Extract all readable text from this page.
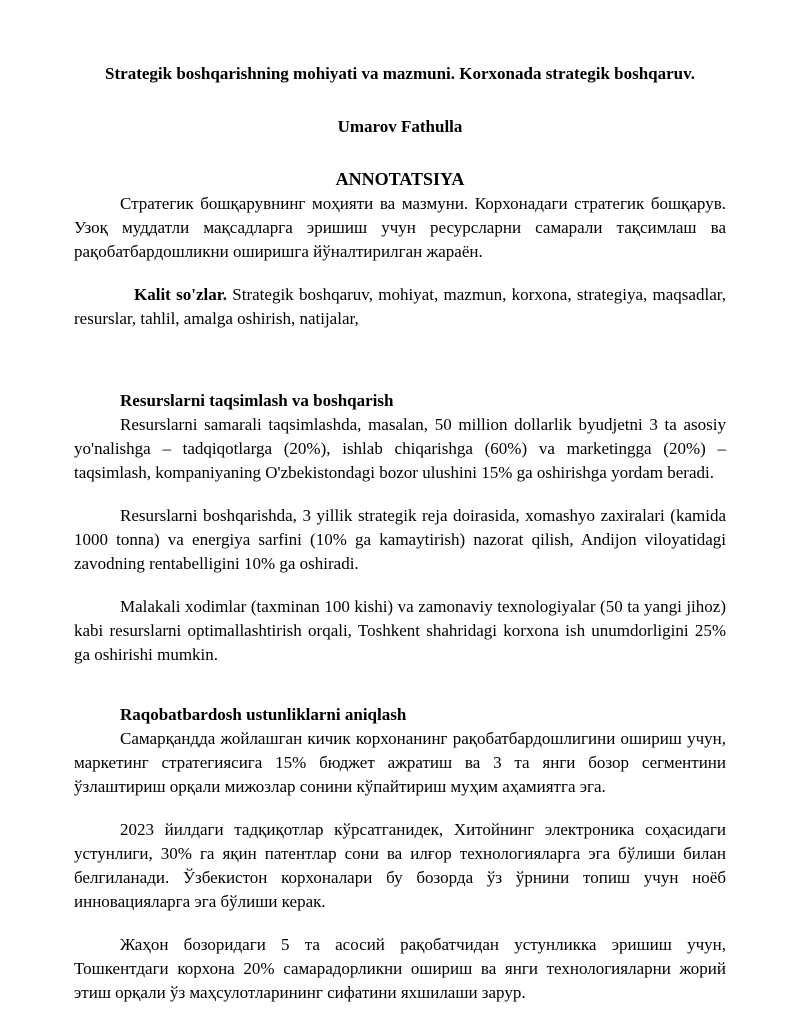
Strategik boshqarishning mohiyati va mazmuni. Korxonada strategik boshqaruv.
Umarov Fathulla
ANNOTATSIYA

Стратегик бошқарувнинг моҳияти ва мазмуни. Корхонадаги стратегик бошқарув. Узоқ муддатли мақсадларга эришиш учун ресурсларни самарали тақсимлаш ва рақобатбардошликни оширишга йўналтирилган жараён.

Kalit so'zlar. Strategik boshqaruv, mohiyat, mazmun, korxona, strategiya, maqsadlar, resurslar, tahlil, amalga oshirish, natijalar,

Resurslarni taqsimlash va boshqarish

Resurslarni samarali taqsimlashda, masalan, 50 million dollarlik byudjetni 3 ta asosiy yo'nalishga – tadqiqotlarga (20%), ishlab chiqarishga (60%) va marketingga (20%) – taqsimlash, kompaniyaning O'zbekistondagi bozor ulushini 15% ga oshirishga yordam beradi.

Resurslarni boshqarishda, 3 yillik strategik reja doirasida, xomashyo zaxiralari (kamida 1000 tonna) va energiya sarfini (10% ga kamaytirish) nazorat qilish, Andijon viloyatidagi zavodning rentabelligini 10% ga oshiradi.

Malakali xodimlar (taxminan 100 kishi) va zamonaviy texnologiyalar (50 ta yangi jihoz) kabi resurslarni optimallashtirish orqali, Toshkent shahridagi korxona ish unumdorligini 25% ga oshirishi mumkin.

Raqobatbardosh ustunliklarni aniqlash

Самарқандда жойлашган кичик корхонанинг рақобатбардошлигини ошириш учун, маркетинг стратегиясига 15% бюджет ажратиш ва 3 та янги бозор сегментини ўзлаштириш орқали мижозлар сонини кўпайтириш муҳим аҳамиятга эга.

2023 йилдаги тадқиқотлар кўрсатганидек, Хитойнинг электроника соҳасидаги устунлиги, 30% га яқин патентлар сони ва илғор технологияларга эга бўлиши билан белгиланади. Ўзбекистон корхоналари бу бозорда ўз ўрнини топиш учун ноёб инновацияларга эга бўлиши керак.

Жаҳон бозоридаги 5 та асосий рақобатчидан устунликка эришиш учун, Тошкентдаги корхона 20% самарадорликни ошириш ва янги технологияларни жорий этиш орқали ўз маҳсулотларининг сифатини яхшилаши зарур.
